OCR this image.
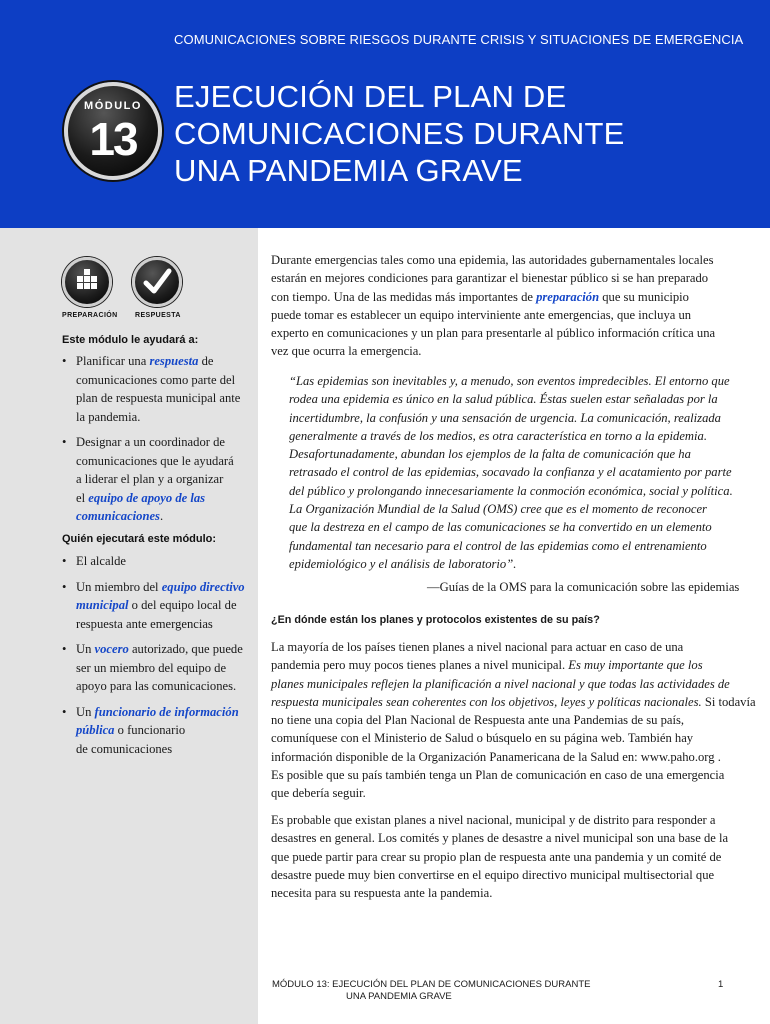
COMUNICACIONES SOBRE RIESGOS DURANTE CRISIS Y SITUACIONES DE EMERGENCIA
MÓDULO
13
EJECUCIÓN DEL PLAN DE
COMUNICACIONES DURANTE
UNA PANDEMIA GRAVE
PREPARACIÓN RESPUESTA
Este módulo le ayudará a:
• Planificar una respuesta de
comunicaciones como parte del
plan de respuesta municipal ante
la pandemia.
• Designar a un coordinador de
comunicaciones que le ayudará
a liderar el plan y a organizar
el equipo de apoyo de las
comunicaciones.
Quién ejecutará este módulo:
• El alcalde
• Un miembro del equipo directivo
municipal o del equipo local de
respuesta ante emergencias
• Un vocero autorizado, que puede
ser un miembro del equipo de
apoyo para las comunicaciones.
• Un funcionario de información
pública o funcionario
de comunicaciones
Durante emergencias tales como una epidemia, las autoridades gubernamentales locales
estarán en mejores condiciones para garantizar el bienestar público si se han preparado
con tiempo. Una de las medidas más importantes de preparación que su municipio
puede tomar es establecer un equipo interviniente ante emergencias, que incluya un
experto en comunicaciones y un plan para presentarle al público información crítica una
vez que ocurra la emergencia.
“Las epidemias son inevitables y, a menudo, son eventos impredecibles. El entorno que
rodea una epidemia es único en la salud pública. Éstas suelen estar señaladas por la
incertidumbre, la confusión y una sensación de urgencia. La comunicación, realizada
generalmente a través de los medios, es otra característica en torno a la epidemia.
Desafortunadamente, abundan los ejemplos de la falta de comunicación que ha
retrasado el control de las epidemias, socavado la confianza y el acatamiento por parte
del público y prolongando innecesariamente la conmoción económica, social y política.
La Organización Mundial de la Salud (OMS) cree que es el momento de reconocer
que la destreza en el campo de las comunicaciones se ha convertido en un elemento
fundamental tan necesario para el control de las epidemias como el entrenamiento
epidemiológico y el análisis de laboratorio”.
—Guías de la OMS para la comunicación sobre las epidemias
¿En dónde están los planes y protocolos existentes de su país?
La mayoría de los países tienen planes a nivel nacional para actuar en caso de una
pandemia pero muy pocos tienes planes a nivel municipal. Es muy importante que los
planes municipales reflejen la planificación a nivel nacional y que todas las actividades de
respuesta municipales sean coherentes con los objetivos, leyes y políticas nacionales. Si todavía
no tiene una copia del Plan Nacional de Respuesta ante una Pandemias de su país,
comuníquese con el Ministerio de Salud o búsquelo en su página web. También hay
información disponible de la Organización Panamericana de la Salud en: www.paho.org .
Es posible que su país también tenga un Plan de comunicación en caso de una emergencia
que debería seguir.
Es probable que existan planes a nivel nacional, municipal y de distrito para responder a
desastres en general. Los comités y planes de desastre a nivel municipal son una base de la
que puede partir para crear su propio plan de respuesta ante una pandemia y un comité de
desastre puede muy bien convertirse en el equipo directivo municipal multisectorial que
necesita para su respuesta ante la pandemia.
MÓDULO 13: EJECUCIÓN DEL PLAN DE COMUNICACIONES DURANTE
UNA PANDEMIA GRAVE
1
